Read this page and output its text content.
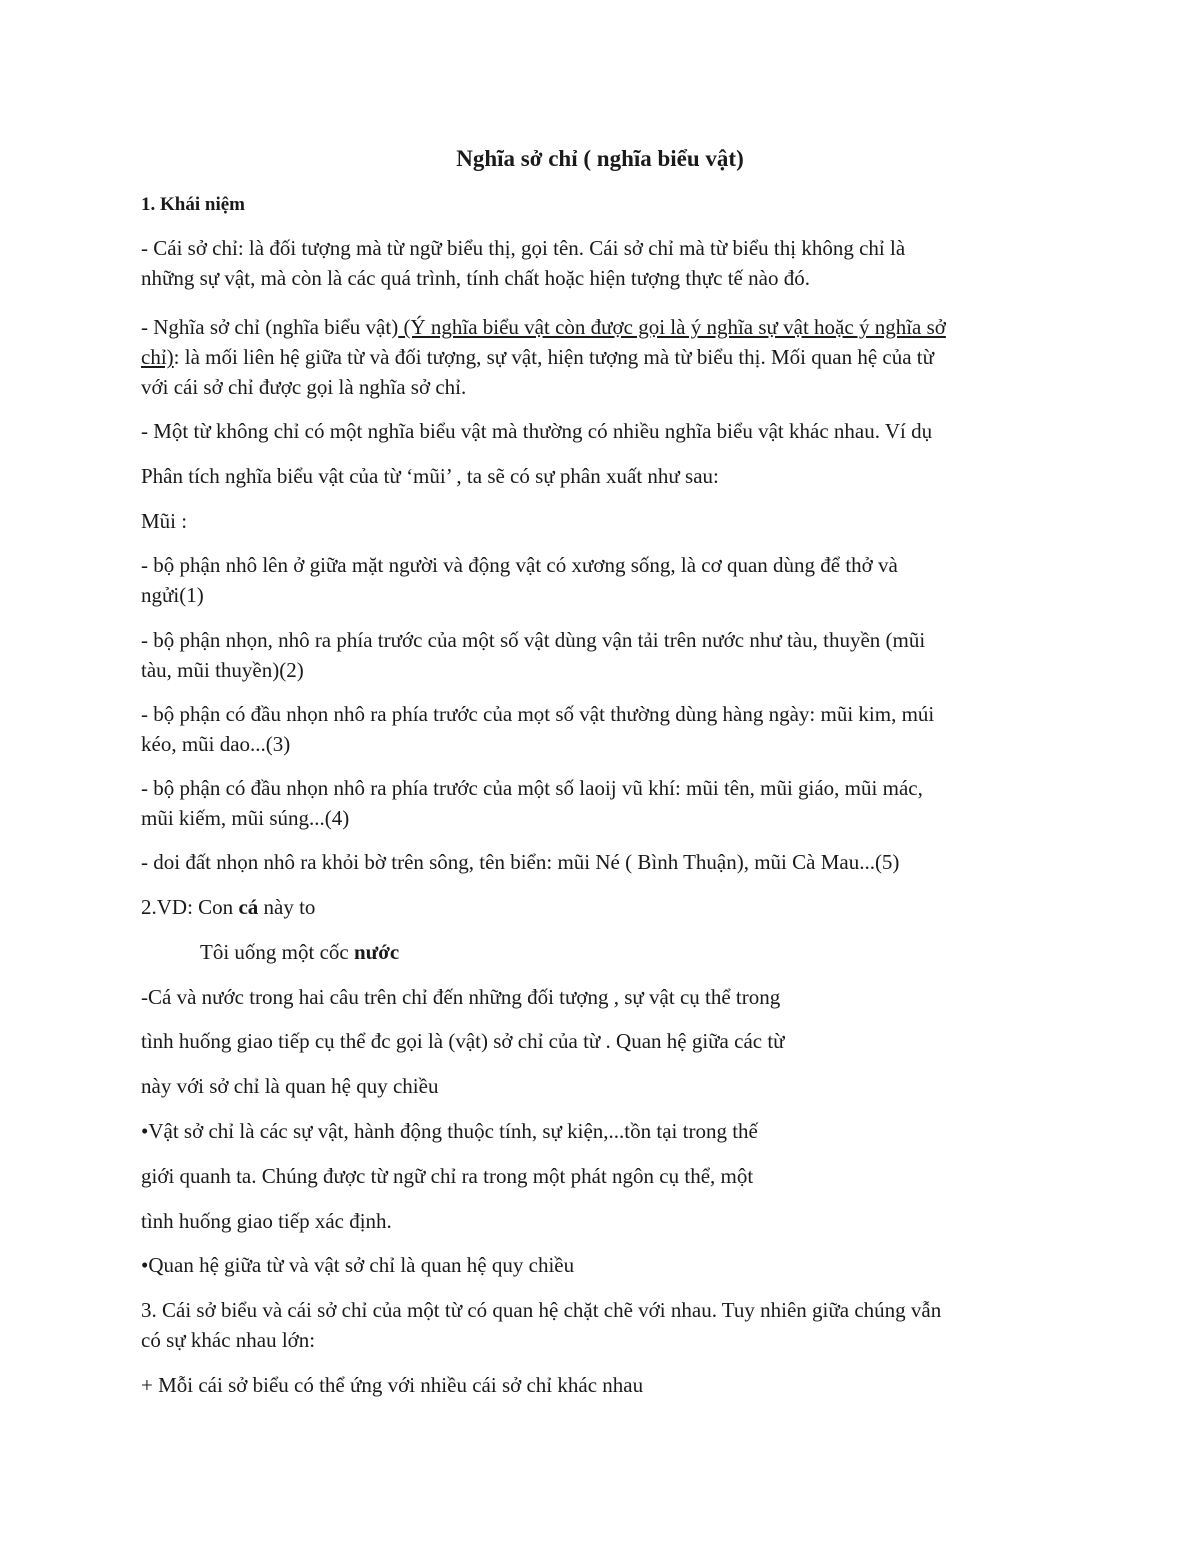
Nghĩa sở chỉ ( nghĩa biểu vật)
1. Khái niệm
- Cái sở chỉ: là đối tượng mà từ ngữ biểu thị, gọi tên. Cái sở chỉ mà từ biểu thị không chỉ là
những sự vật, mà còn là các quá trình, tính chất hoặc hiện tượng thực tế nào đó.
- Nghĩa sở chỉ (nghĩa biểu vật) (Ý nghĩa biểu vật còn được gọi là ý nghĩa sự vật hoặc ý nghĩa sở
chỉ): là mối liên hệ giữa từ và đối tượng, sự vật, hiện tượng mà từ biểu thị. Mối quan hệ của từ
với cái sở chỉ được gọi là nghĩa sở chỉ.
- Một từ không chỉ có một nghĩa biểu vật mà thường có nhiều nghĩa biểu vật khác nhau. Ví dụ
Phân tích nghĩa biểu vật của từ ‘mũi’ , ta sẽ có sự phân xuất như sau:
Mũi :
- bộ phận nhô lên ở giữa mặt người và động vật có xương sống, là cơ quan dùng để thở và
ngửi(1)
- bộ phận nhọn, nhô ra phía trước của một số vật dùng vận tải trên nước như tàu, thuyền (mũi
tàu, mũi thuyền)(2)
- bộ phận có đầu nhọn nhô ra phía trước của mọt số vật thường dùng hàng ngày: mũi kim, múi
kéo, mũi dao...(3)
- bộ phận có đầu nhọn nhô ra phía trước của một số laoij vũ khí: mũi tên, mũi giáo, mũi mác,
mũi kiếm, mũi súng...(4)
- doi đất nhọn nhô ra khỏi bờ trên sông, tên biển: mũi Né ( Bình Thuận), mũi Cà Mau...(5)
2.VD: Con cá này to
Tôi uống một cốc nước
-Cá và nước trong hai câu trên chỉ đến những đối tượng , sự vật cụ thể trong
tình huống giao tiếp cụ thể đc gọi là (vật) sở chỉ của từ . Quan hệ giữa các từ
này với sở chỉ là quan hệ quy chiều
•Vật sở chỉ là các sự vật, hành động thuộc tính, sự kiện,...tồn tại trong thế
giới quanh ta. Chúng được từ ngữ chỉ ra trong một phát ngôn cụ thể, một
tình huống giao tiếp xác định.
•Quan hệ giữa từ và vật sở chỉ là quan hệ quy chiều
3. Cái sở biểu và cái sở chỉ của một từ có quan hệ chặt chẽ với nhau. Tuy nhiên giữa chúng vẫn
có sự khác nhau lớn:
+ Mỗi cái sở biểu có thể ứng với nhiều cái sở chỉ khác nhau
